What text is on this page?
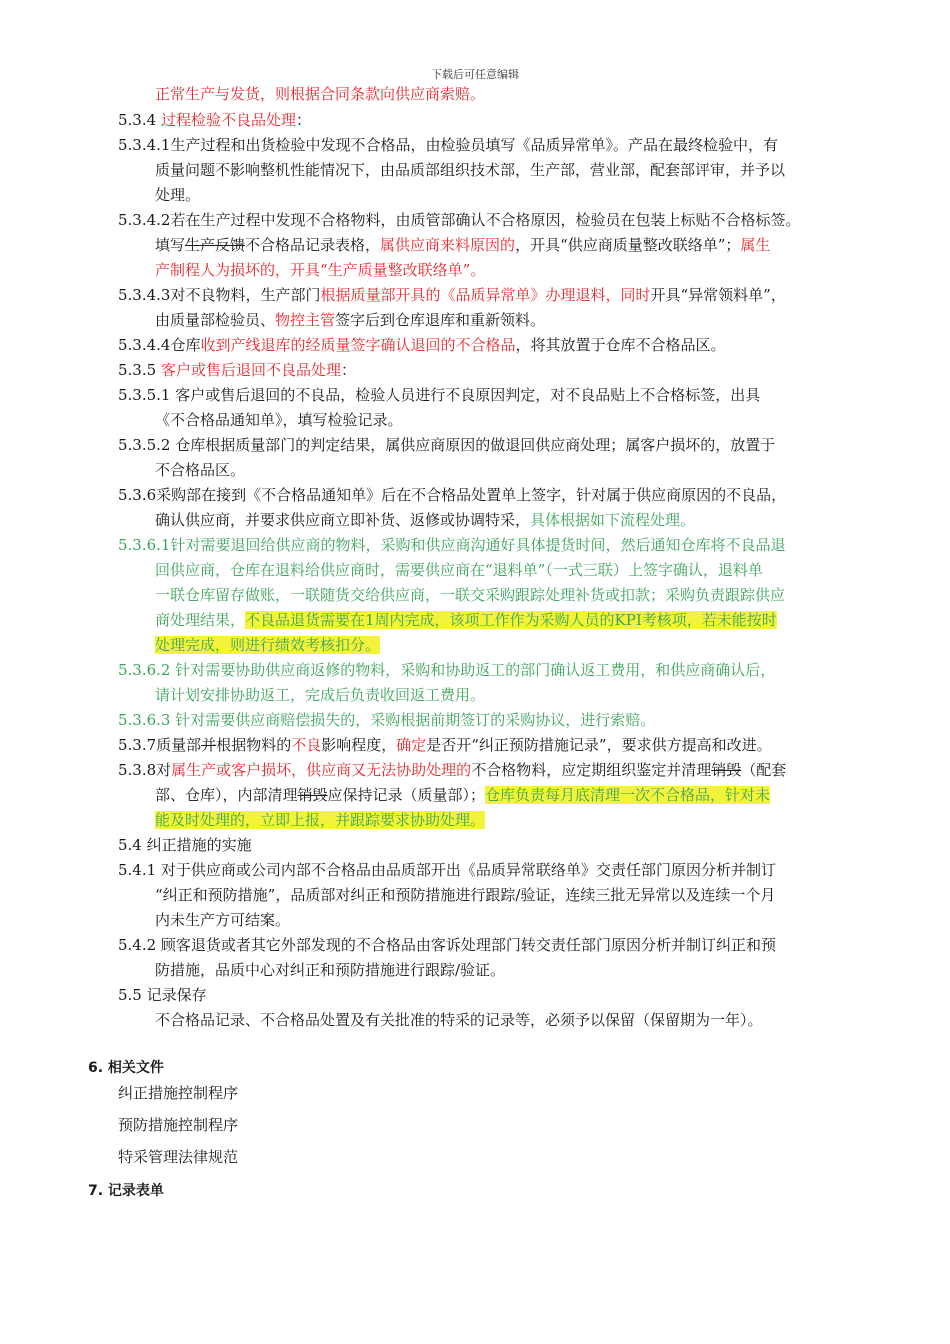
下载后可任意编辑
正常生产与发货，则根据合同条款向供应商索赔。
5.3.4 过程检验不良品处理：
5.3.4.1生产过程和出货检验中发现不合格品，由检验员填写《品质异常单》。产品在最终检验中，有
质量问题不影响整机性能情况下，由品质部组织技术部，生产部，营业部，配套部评审，并予以
处理。
5.3.4.2若在生产过程中发现不合格物料，由质管部确认不合格原因，检验员在包装上标贴不合格标签。
填写生产反馈不合格品记录表格，属供应商来料原因的，开具“供应商质量整改联络单”；属生
产制程人为损坏的，开具“生产质量整改联络单”。
5.3.4.3对不良物料，生产部门根据质量部开具的《品质异常单》办理退料，同时开具“异常领料单”，
由质量部检验员、物控主管签字后到仓库退库和重新领料。
5.3.4.4仓库收到产线退库的经质量签字确认退回的不合格品，将其放置于仓库不合格品区。
5.3.5 客户或售后退回不良品处理：
5.3.5.1 客户或售后退回的不良品，检验人员进行不良原因判定，对不良品贴上不合格标签，出具
《不合格品通知单》，填写检验记录。
5.3.5.2 仓库根据质量部门的判定结果，属供应商原因的做退回供应商处理；属客户损坏的，放置于
不合格品区。
5.3.6采购部在接到《不合格品通知单》后在不合格品处置单上签字，针对属于供应商原因的不良品，
确认供应商，并要求供应商立即补货、返修或协调特采，具体根据如下流程处理。
5.3.6.1针对需要退回给供应商的物料，采购和供应商沟通好具体提货时间，然后通知仓库将不良品退
回供应商，仓库在退料给供应商时，需要供应商在“退料单”（一式三联）上签字确认，退料单
一联仓库留存做账，一联随货交给供应商，一联交采购跟踪处理补货或扣款；采购负责跟踪供应
商处理结果，不良品退货需要在1周内完成，该项工作作为采购人员的KPI考核项，若未能按时
处理完成，则进行绩效考核扣分。
5.3.6.2 针对需要协助供应商返修的物料，采购和协助返工的部门确认返工费用，和供应商确认后，
请计划安排协助返工，完成后负责收回返工费用。
5.3.6.3 针对需要供应商赔偿损失的，采购根据前期签订的采购协议，进行索赔。
5.3.7质量部并根据物料的不良影响程度，确定是否开“纠正预防措施记录”，要求供方提高和改进。
5.3.8对属生产或客户损坏，供应商又无法协助处理的不合格物料，应定期组织鉴定并清理销毁（配套
部、仓库），内部清理销毁应保持记录（质量部）；仓库负责每月底清理一次不合格品，针对未
能及时处理的，立即上报，并跟踪要求协助处理。
5.4 纠正措施的实施
5.4.1 对于供应商或公司内部不合格品由品质部开出《品质异常联络单》交责任部门原因分析并制订
“纠正和预防措施”，品质部对纠正和预防措施进行跟踪/验证，连续三批无异常以及连续一个月
内未生产方可结案。
5.4.2 顾客退货或者其它外部发现的不合格品由客诉处理部门转交责任部门原因分析并制订纠正和预
防措施，品质中心对纠正和预防措施进行跟踪/验证。
5.5 记录保存
不合格品记录、不合格品处置及有关批准的特采的记录等，必须予以保留（保留期为一年）。
6. 相关文件
纠正措施控制程序
预防措施控制程序
特采管理法律规范
7. 记录表单
